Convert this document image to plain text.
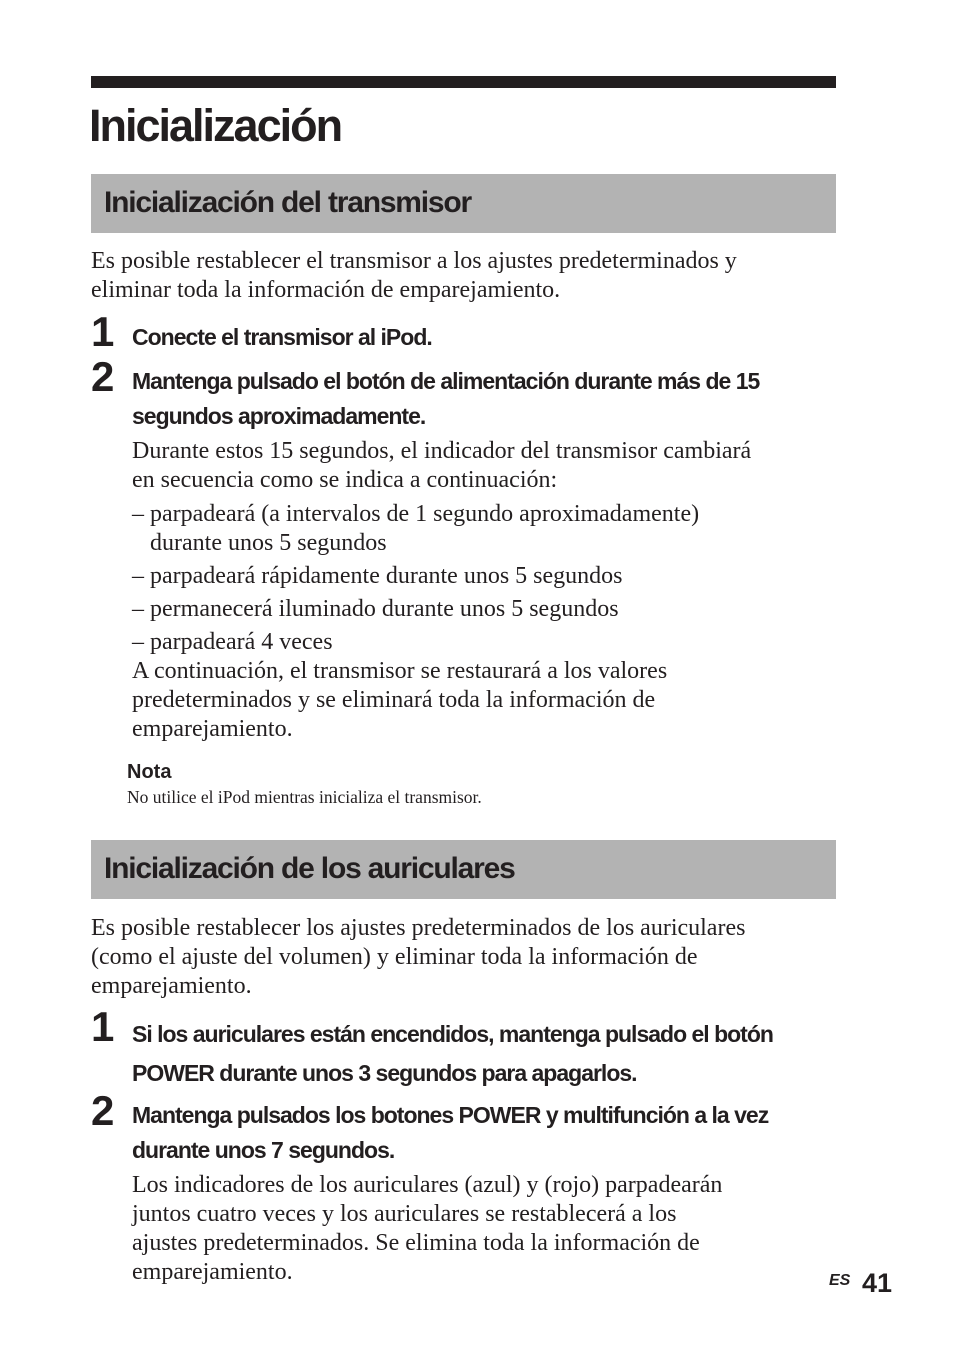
Inicialización
Inicialización del transmisor
Es posible restablecer el transmisor a los ajustes predeterminados y
eliminar toda la información de emparejamiento.
1 Conecte el transmisor al iPod.
2 Mantenga pulsado el botón de alimentación durante más de 15
segundos aproximadamente.
Durante estos 15 segundos, el indicador del transmisor cambiará
en secuencia como se indica a continuación:
– parpadeará (a intervalos de 1 segundo aproximadamente)
durante unos 5 segundos
– parpadeará rápidamente durante unos 5 segundos
– permanecerá iluminado durante unos 5 segundos
– parpadeará 4 veces
A continuación, el transmisor se restaurará a los valores
predeterminados y se eliminará toda la información de
emparejamiento.
Nota
No utilice el iPod mientras inicializa el transmisor.
Inicialización de los auriculares
Es posible restablecer los ajustes predeterminados de los auriculares
(como el ajuste del volumen) y eliminar toda la información de
emparejamiento.
1 Si los auriculares están encendidos, mantenga pulsado el botón
POWER durante unos 3 segundos para apagarlos.
2 Mantenga pulsados los botones POWER y multifunción a la vez
durante unos 7 segundos.
Los indicadores de los auriculares (azul) y (rojo) parpadearán
juntos cuatro veces y los auriculares se restablecerá a los
ajustes predeterminados. Se elimina toda la información de
emparejamiento.	ES 41
